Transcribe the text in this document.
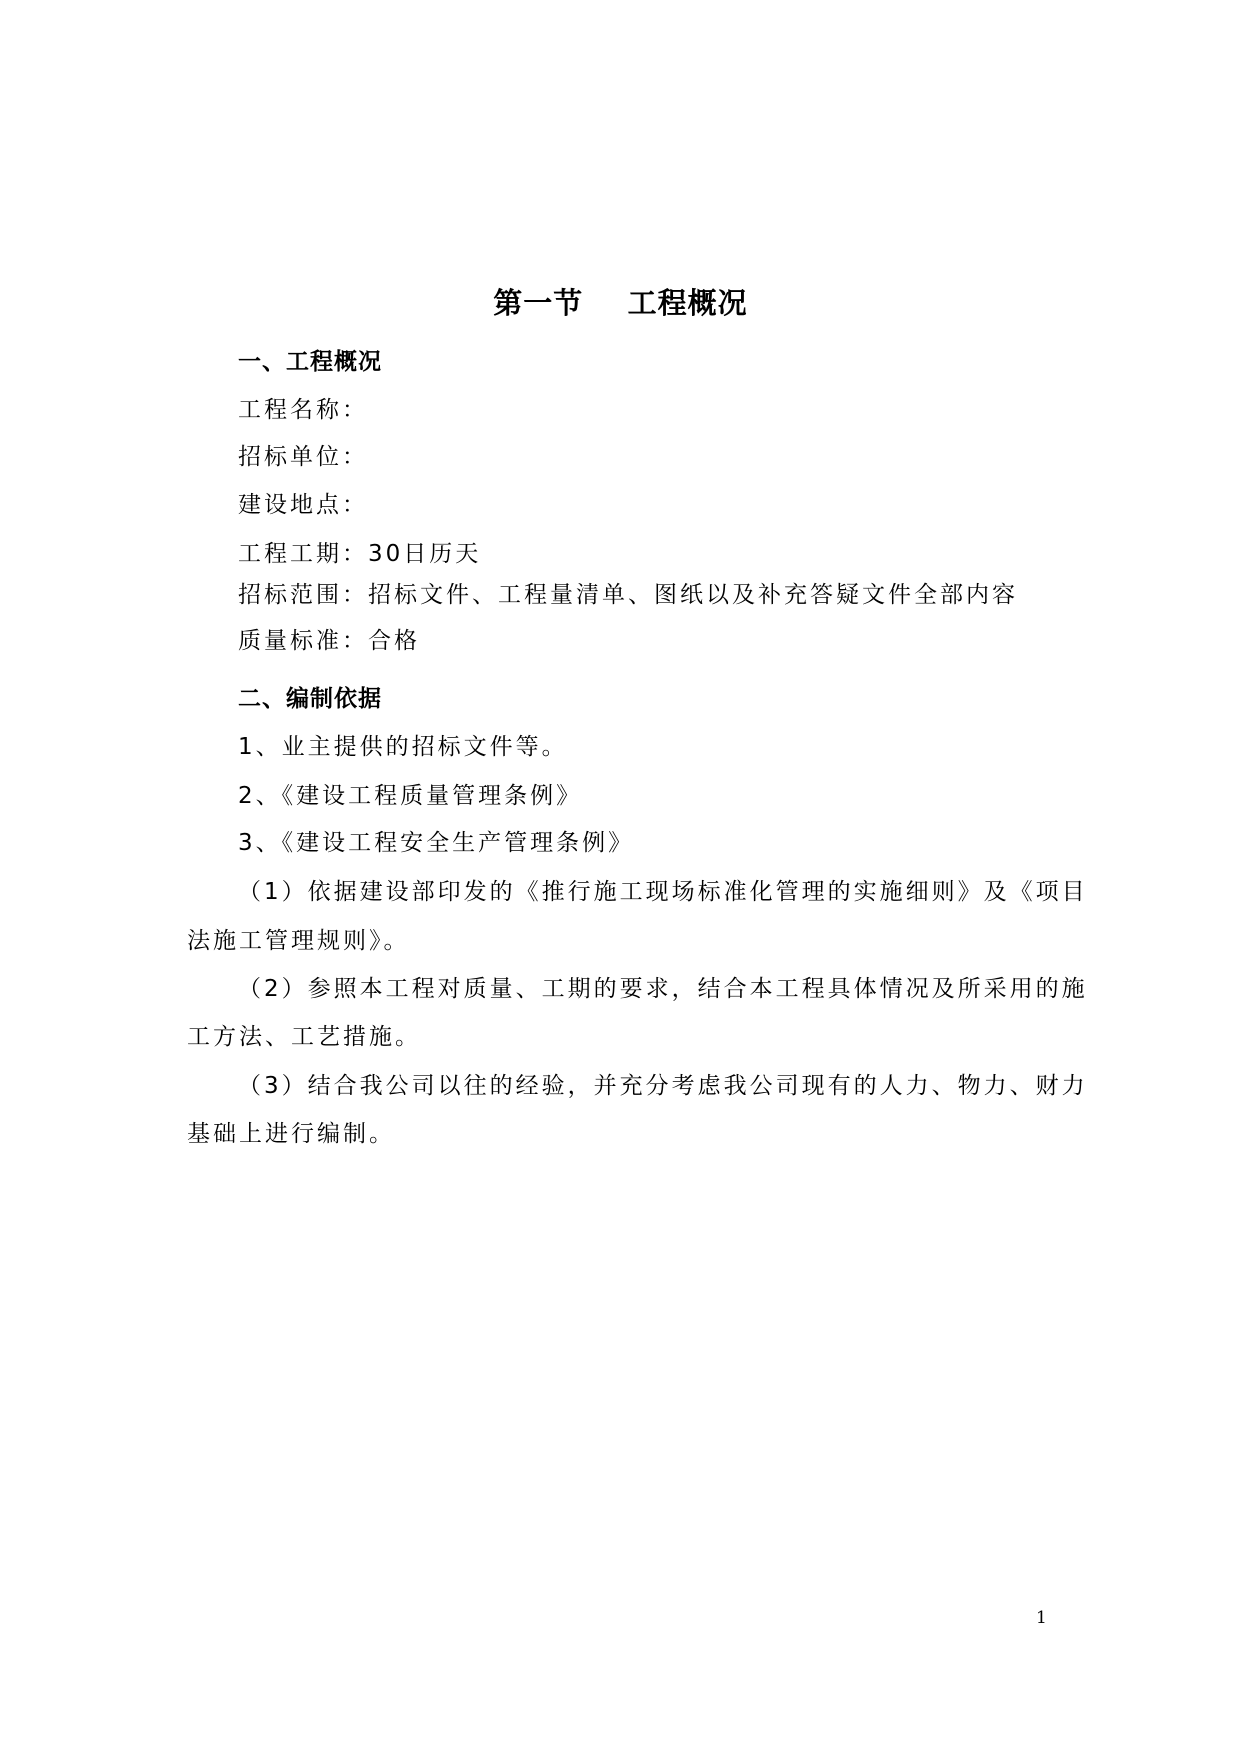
第一节    工程概况
一、工程概况
工程名称：
招标单位：
建设地点：
工程工期：30日历天
招标范围：招标文件、工程量清单、图纸以及补充答疑文件全部内容
质量标准：合格
二、编制依据
1、业主提供的招标文件等。
2、《建设工程质量管理条例》
3、《建设工程安全生产管理条例》
（1）依据建设部印发的《推行施工现场标准化管理的实施细则》及《项目
法施工管理规则》。
（2）参照本工程对质量、工期的要求，结合本工程具体情况及所采用的施
工方法、工艺措施。
（3）结合我公司以往的经验，并充分考虑我公司现有的人力、物力、财力
基础上进行编制。
1
